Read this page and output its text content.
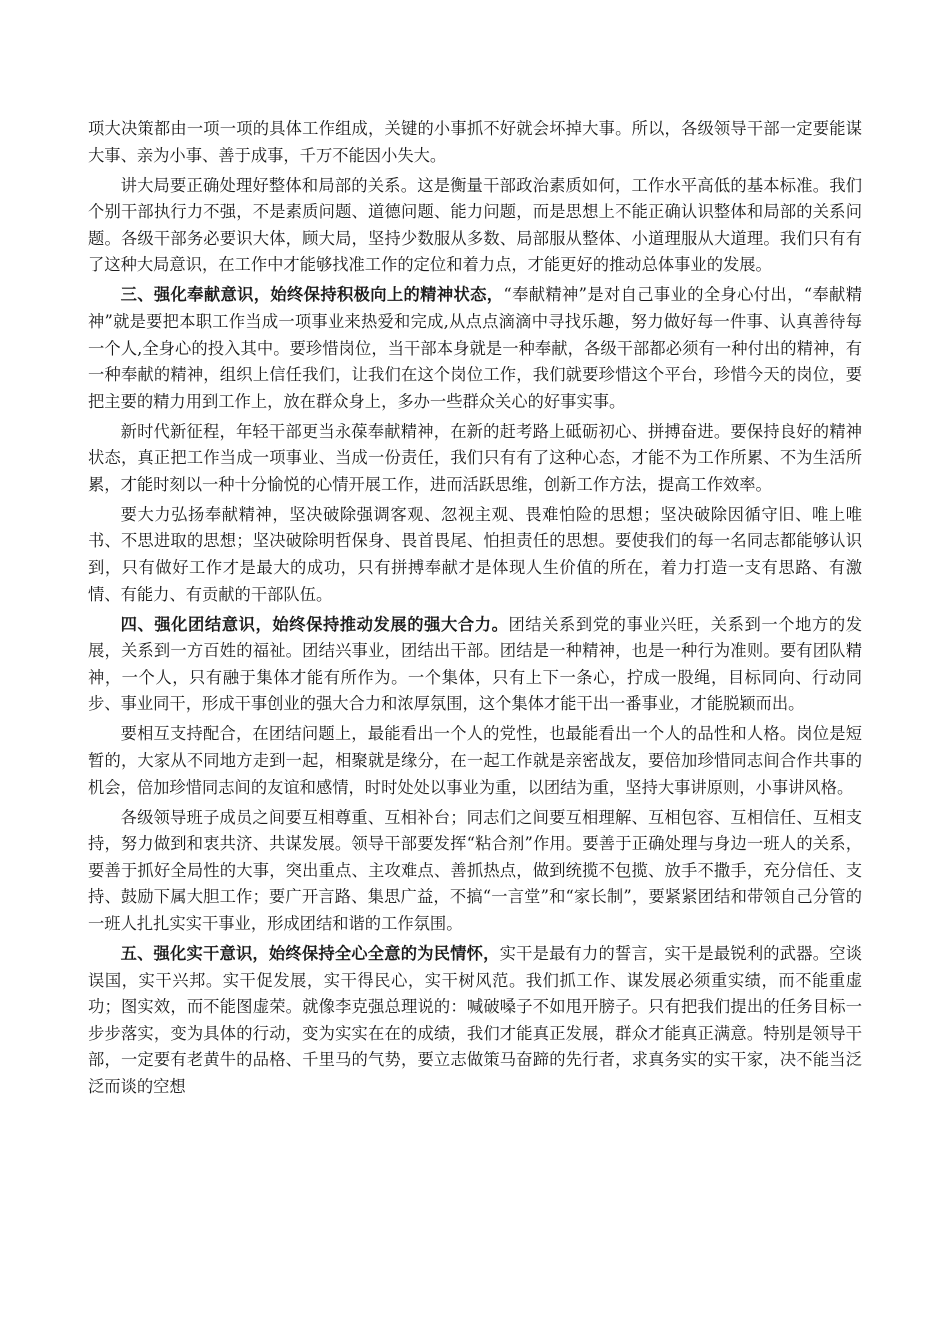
项大决策都由一项一项的具体工作组成，关键的小事抓不好就会坏掉大事。所以，各级领导干部一定要能谋大事、亲为小事、善于成事，千万不能因小失大。

讲大局要正确处理好整体和局部的关系。这是衡量干部政治素质如何，工作水平高低的基本标准。我们个别干部执行力不强，不是素质问题、道德问题、能力问题，而是思想上不能正确认识整体和局部的关系问题。各级干部务必要识大体，顾大局，坚持少数服从多数、局部服从整体、小道理服从大道理。我们只有有了这种大局意识，在工作中才能够找准工作的定位和着力点，才能更好的推动总体事业的发展。

三、强化奉献意识，始终保持积极向上的精神状态，“奉献精神”是对自己事业的全身心付出，“奉献精神”就是要把本职工作当成一项事业来热爱和完成,从点点滴滴中寻找乐趣，努力做好每一件事、认真善待每一个人,全身心的投入其中。要珍惜岗位，当干部本身就是一种奉献，各级干部都必须有一种付出的精神，有一种奉献的精神，组织上信任我们，让我们在这个岗位工作，我们就要珍惜这个平台，珍惜今天的岗位，要把主要的精力用到工作上，放在群众身上，多办一些群众关心的好事实事。

新时代新征程，年轻干部更当永葆奉献精神，在新的赶考路上砥砺初心、拼搏奋进。要保持良好的精神状态，真正把工作当成一项事业、当成一份责任，我们只有有了这种心态，才能不为工作所累、不为生活所累，才能时刻以一种十分愉悦的心情开展工作，进而活跃思维，创新工作方法，提高工作效率。

要大力弘扬奉献精神，坚决破除强调客观、忽视主观、畏难怕险的思想；坚决破除因循守旧、唯上唯书、不思进取的思想；坚决破除明哲保身、畏首畏尾、怕担责任的思想。要使我们的每一名同志都能够认识到，只有做好工作才是最大的成功，只有拼搏奉献才是体现人生价值的所在，着力打造一支有思路、有激情、有能力、有贡献的干部队伍。

四、强化团结意识，始终保持推动发展的强大合力。团结关系到党的事业兴旺，关系到一个地方的发展，关系到一方百姓的福祉。团结兴事业，团结出干部。团结是一种精神，也是一种行为准则。要有团队精神，一个人，只有融于集体才能有所作为。一个集体，只有上下一条心，拧成一股绳，目标同向、行动同步、事业同干，形成干事创业的强大合力和浓厚氛围，这个集体才能干出一番事业，才能脱颖而出。

要相互支持配合，在团结问题上，最能看出一个人的党性，也最能看出一个人的品性和人格。岗位是短暂的，大家从不同地方走到一起，相聚就是缘分，在一起工作就是亲密战友，要倍加珍惜同志间合作共事的机会，倍加珍惜同志间的友谊和感情，时时处处以事业为重，以团结为重，坚持大事讲原则，小事讲风格。

各级领导班子成员之间要互相尊重、互相补台；同志们之间要互相理解、互相包容、互相信任、互相支持，努力做到和衷共济、共谋发展。领导干部要发挥“粘合剂”作用。要善于正确处理与身边一班人的关系，要善于抓好全局性的大事，突出重点、主攻难点、善抓热点，做到统揽不包揽、放手不撒手，充分信任、支持、鼓励下属大胆工作；要广开言路、集思广益，不搞“一言堂”和“家长制”，要紧紧团结和带领自己分管的一班人扎扎实实干事业，形成团结和谐的工作氛围。

五、强化实干意识，始终保持全心全意的为民情怀，实干是最有力的誓言，实干是最锐利的武器。空谈误国，实干兴邦。实干促发展，实干得民心，实干树风范。我们抓工作、谋发展必须重实绩，而不能重虚功；图实效，而不能图虚荣。就像李克强总理说的：喊破嗓子不如甩开膀子。只有把我们提出的任务目标一步步落实，变为具体的行动，变为实实在在的成绩，我们才能真正发展，群众才能真正满意。特别是领导干部，一定要有老黄牛的品格、千里马的气势，要立志做策马奋蹄的先行者，求真务实的实干家，决不能当泛泛而谈的空想
